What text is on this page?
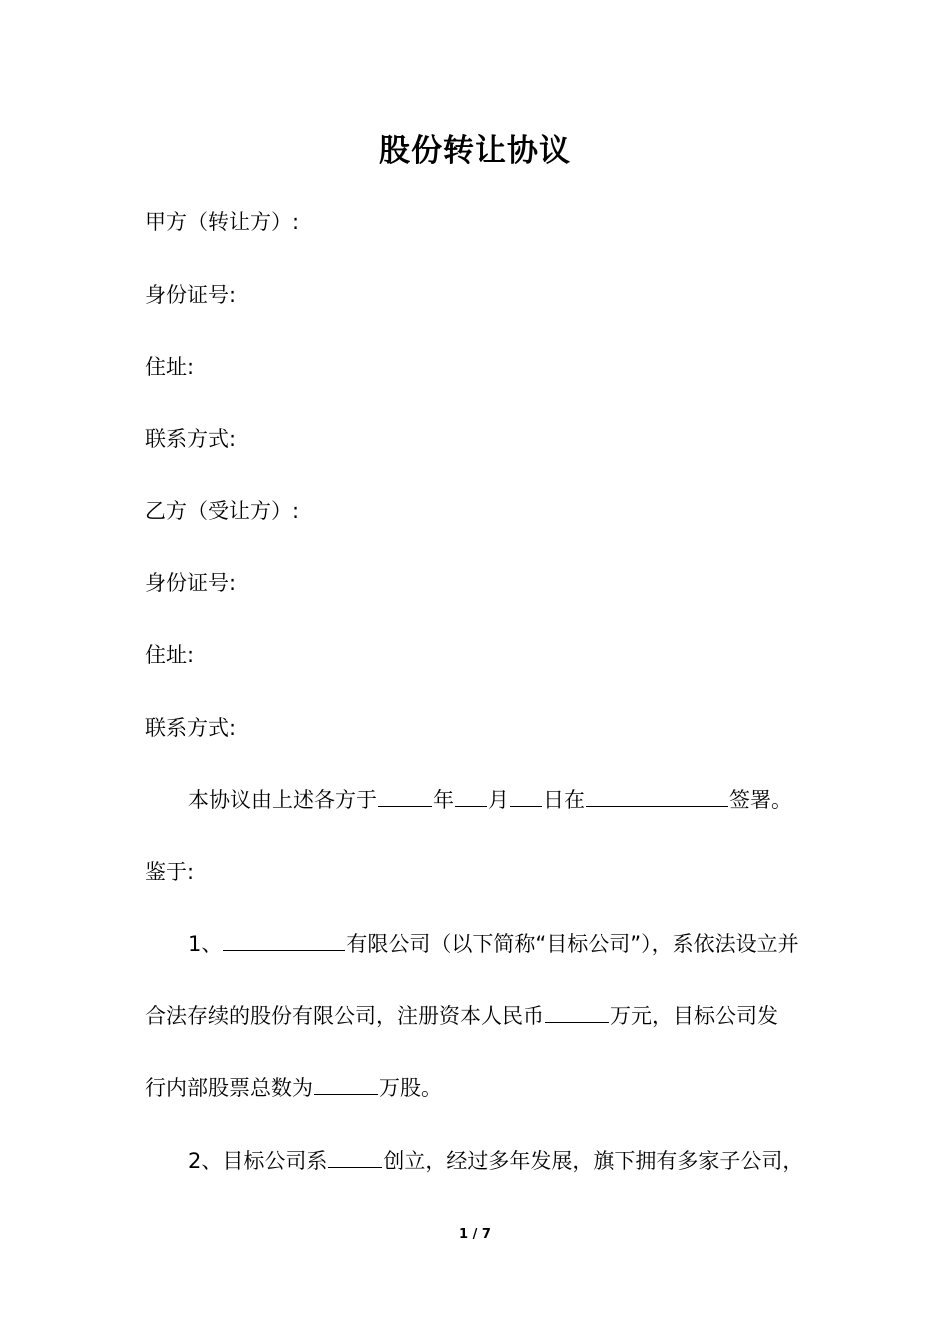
股份转让协议
甲方（转让方）:
身份证号:
住址:
联系方式:
乙方（受让方）:
身份证号:
住址:
联系方式:
本协议由上述各方于	年 月 日在	签署。
鉴于:
1、	有限公司（以下简称“目标公司”），系依法设立并
合法存续的股份有限公司，注册资本人民币	万元，目标公司发
行内部股票总数为	万股。
2、目标公司系	创立，经过多年发展，旗下拥有多家子公司，
1 / 7
